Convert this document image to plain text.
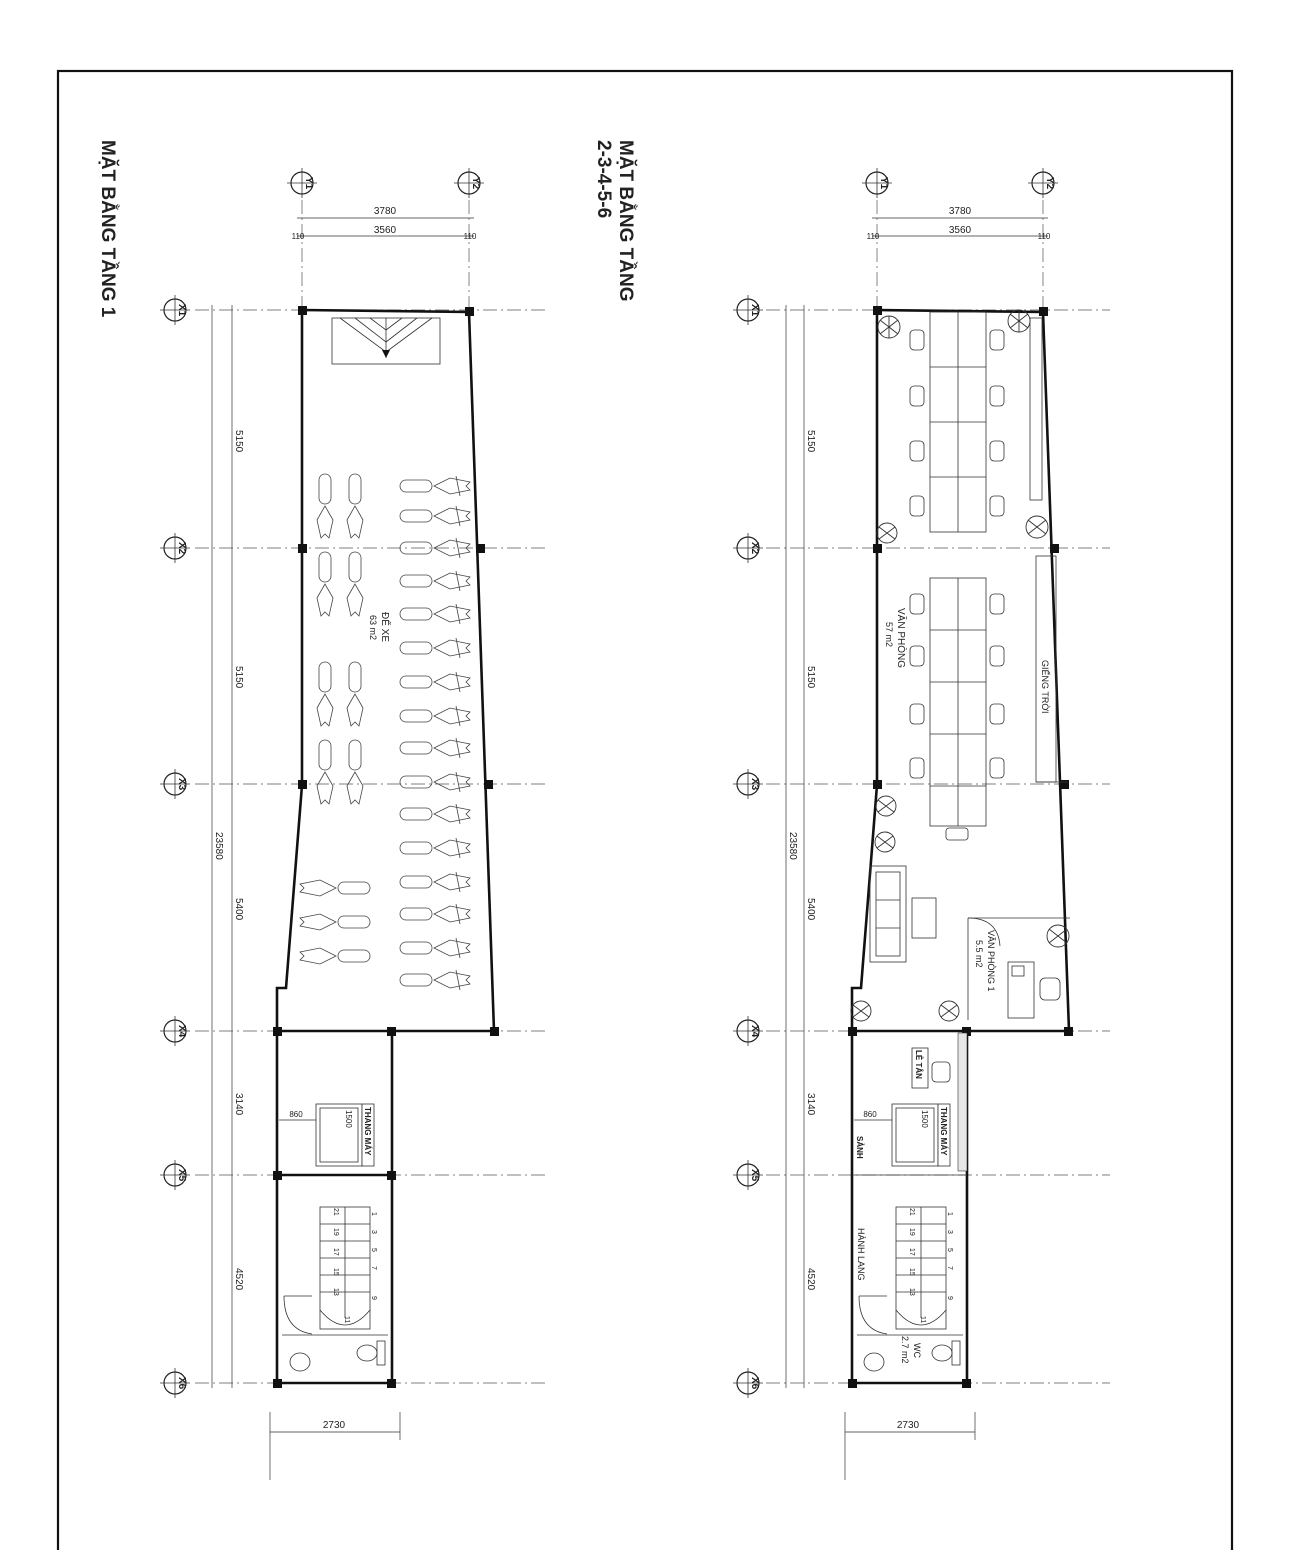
MẶT BẰNG TẦNG 1	MẶT BẰNG TẦNG
2-3-4-5-6
X1
X2
X3
X4
X5
X6
Y1	Y2
3780
3560
110	110
5150
5150
5400
3140
4520
23580
ĐỂ XE
63 m2
THANG MÁY
860	1500
1
3
5
7
9
11
13
15
17
19
21
2730
X1
X2
X3
X4
X5
X6
Y1	Y2
3780
3560
110	110
5150
5150
5400
3140
4520
23580
GIẾNG TRỜI
VĂN PHÒNG
57 m2
VĂN PHÒNG 1
5.5 m2
LỄ TÂN
SẢNH	THANG MÁY
860	1500
HÀNH LANG
1
3
5
7
9
11
13
15
17
19
21
WC
2.7 m2
2730
